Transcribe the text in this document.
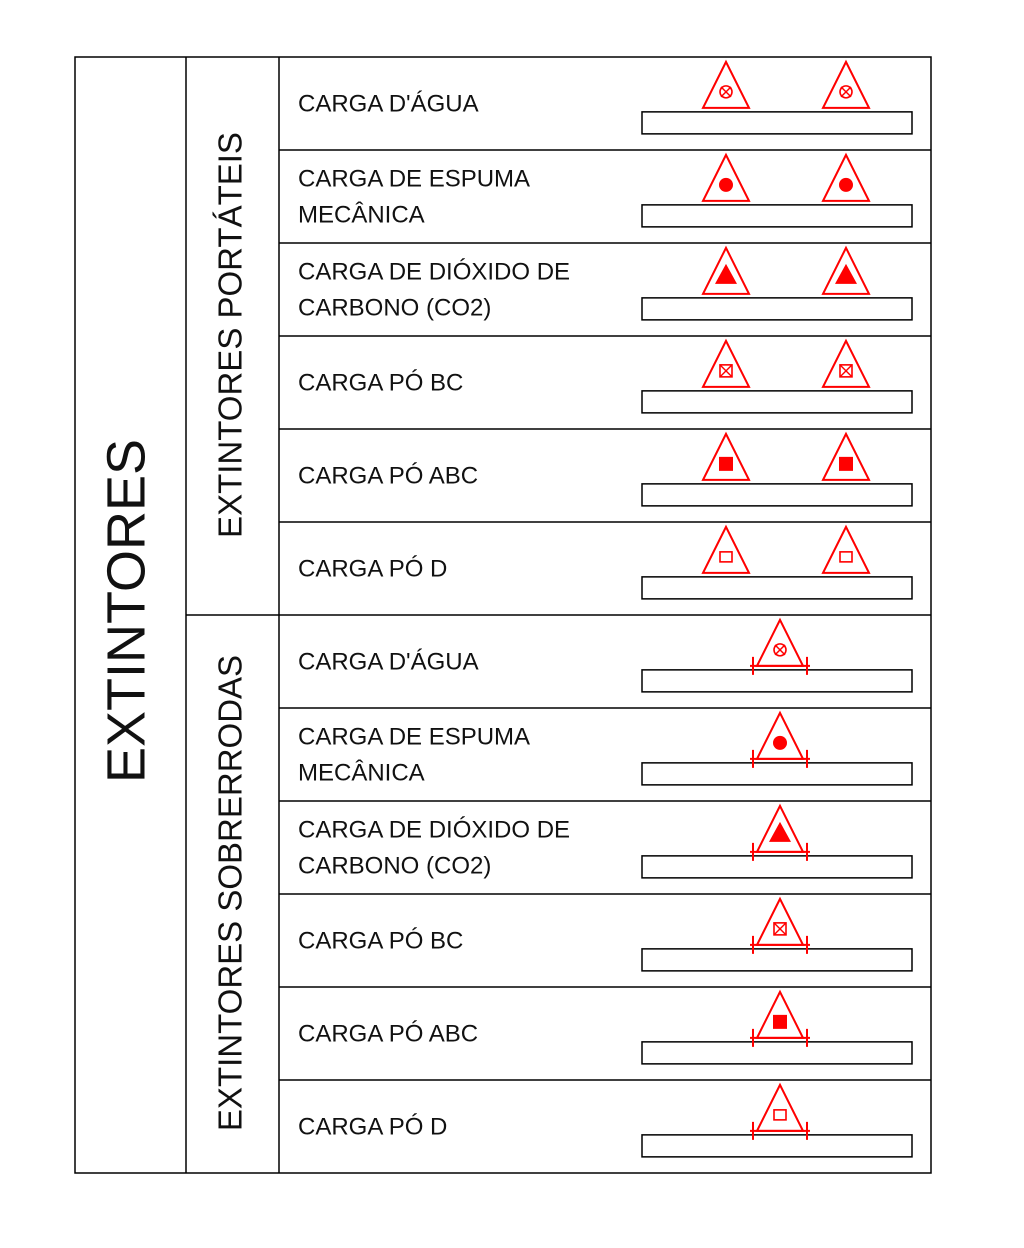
EXTINTORES
EXTINTORES PORTÁTEIS
EXTINTORES SOBRERRODAS
CARGA D'ÁGUA
CARGA DE ESPUMA
MECÂNICA
CARGA DE DIÓXIDO DE
CARBONO (CO2)
CARGA PÓ BC
CARGA PÓ ABC
CARGA PÓ D
CARGA D'ÁGUA
CARGA DE ESPUMA
MECÂNICA
CARGA DE DIÓXIDO DE
CARBONO (CO2)
CARGA PÓ BC
CARGA PÓ ABC
CARGA PÓ D
